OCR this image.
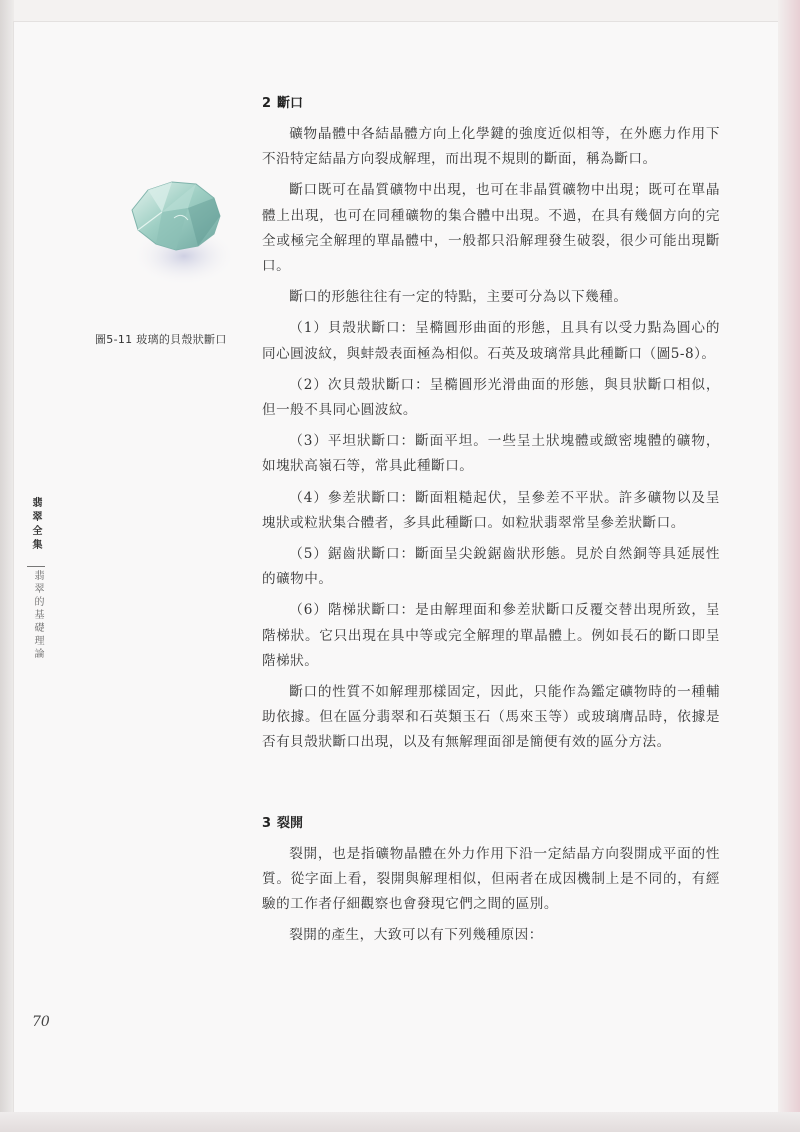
圖5-11 玻璃的貝殼狀斷口
翡翠全集
翡翠的基礎理論
70
2 斷口

礦物晶體中各結晶體方向上化學鍵的強度近似相等，在外應力作用下不沿特定結晶方向裂成解理，而出現不規則的斷面，稱為斷口。

斷口既可在晶質礦物中出現，也可在非晶質礦物中出現；既可在單晶體上出現，也可在同種礦物的集合體中出現。不過，在具有幾個方向的完全或極完全解理的單晶體中，一般都只沿解理發生破裂，很少可能出現斷口。

斷口的形態往往有一定的特點，主要可分為以下幾種。

（1）貝殼狀斷口：呈橢圓形曲面的形態，且具有以受力點為圓心的同心圓波紋，與蚌殼表面極為相似。石英及玻璃常具此種斷口（圖5-8）。

（2）次貝殼狀斷口：呈橢圓形光滑曲面的形態，與貝狀斷口相似，但一般不具同心圓波紋。

（3）平坦狀斷口：斷面平坦。一些呈土狀塊體或緻密塊體的礦物，如塊狀高嶺石等，常具此種斷口。

（4）參差狀斷口：斷面粗糙起伏，呈參差不平狀。許多礦物以及呈塊狀或粒狀集合體者，多具此種斷口。如粒狀翡翠常呈參差狀斷口。

（5）鋸齒狀斷口：斷面呈尖銳鋸齒狀形態。見於自然銅等具延展性的礦物中。

（6）階梯狀斷口：是由解理面和參差狀斷口反覆交替出現所致，呈階梯狀。它只出現在具中等或完全解理的單晶體上。例如長石的斷口即呈階梯狀。

斷口的性質不如解理那樣固定，因此，只能作為鑑定礦物時的一種輔助依據。但在區分翡翠和石英類玉石（馬來玉等）或玻璃膺品時，依據是否有貝殼狀斷口出現，以及有無解理面卻是簡便有效的區分方法。

3 裂開

裂開，也是指礦物晶體在外力作用下沿一定結晶方向裂開成平面的性質。從字面上看，裂開與解理相似，但兩者在成因機制上是不同的，有經驗的工作者仔細觀察也會發現它們之間的區別。

裂開的產生，大致可以有下列幾種原因：
